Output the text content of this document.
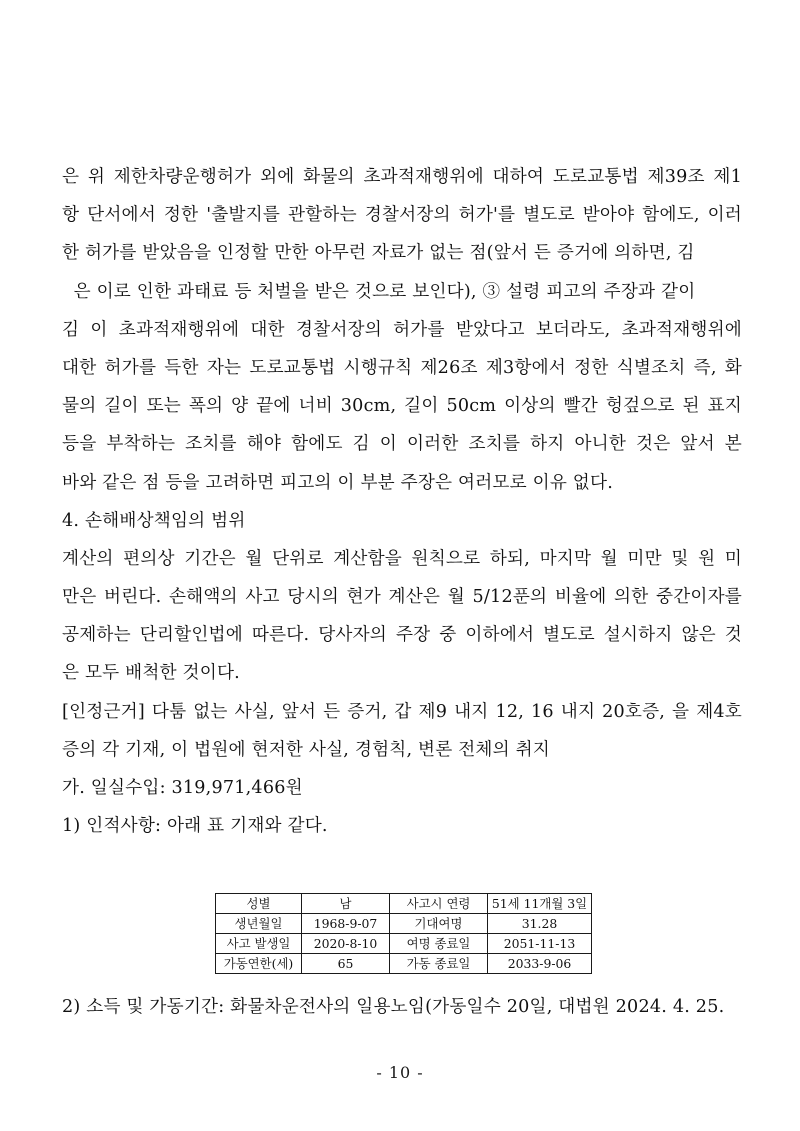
은 위 제한차량운행허가 외에 화물의 초과적재행위에 대하여 도로교통법 제39조 제1
항 단서에서 정한 '출발지를 관할하는 경찰서장의 허가'를 별도로 받아야 함에도, 이러
한 허가를 받았음을 인정할 만한 아무런 자료가 없는 점(앞서 든 증거에 의하면, 김
은 이로 인한 과태료 등 처벌을 받은 것으로 보인다), ③ 설령 피고의 주장과 같이
김 이 초과적재행위에 대한 경찰서장의 허가를 받았다고 보더라도, 초과적재행위에
대한 허가를 득한 자는 도로교통법 시행규칙 제26조 제3항에서 정한 식별조치 즉, 화
물의 길이 또는 폭의 양 끝에 너비 30cm, 길이 50cm 이상의 빨간 헝겊으로 된 표지
등을 부착하는 조치를 해야 함에도 김 이 이러한 조치를 하지 아니한 것은 앞서 본
바와 같은 점 등을 고려하면 피고의 이 부분 주장은 여러모로 이유 없다.
4. 손해배상책임의 범위
계산의 편의상 기간은 월 단위로 계산함을 원칙으로 하되, 마지막 월 미만 및 원 미
만은 버린다. 손해액의 사고 당시의 현가 계산은 월 5/12푼의 비율에 의한 중간이자를
공제하는 단리할인법에 따른다. 당사자의 주장 중 이하에서 별도로 설시하지 않은 것
은 모두 배척한 것이다.
[인정근거] 다툼 없는 사실, 앞서 든 증거, 갑 제9 내지 12, 16 내지 20호증, 을 제4호
증의 각 기재, 이 법원에 현저한 사실, 경험칙, 변론 전체의 취지
가. 일실수입: 319,971,466원
1) 인적사항: 아래 표 기재와 같다.
성별	남	사고시 연령	51세 11개월 3일
생년월일	1968-9-07	기대여명	31.28
사고 발생일	2020-8-10	여명 종료일	2051-11-13
가동연한(세)	65	가동 종료일	2033-9-06
2) 소득 및 가동기간: 화물차운전사의 일용노임(가동일수 20일, 대법원 2024. 4. 25.
- 10 -
